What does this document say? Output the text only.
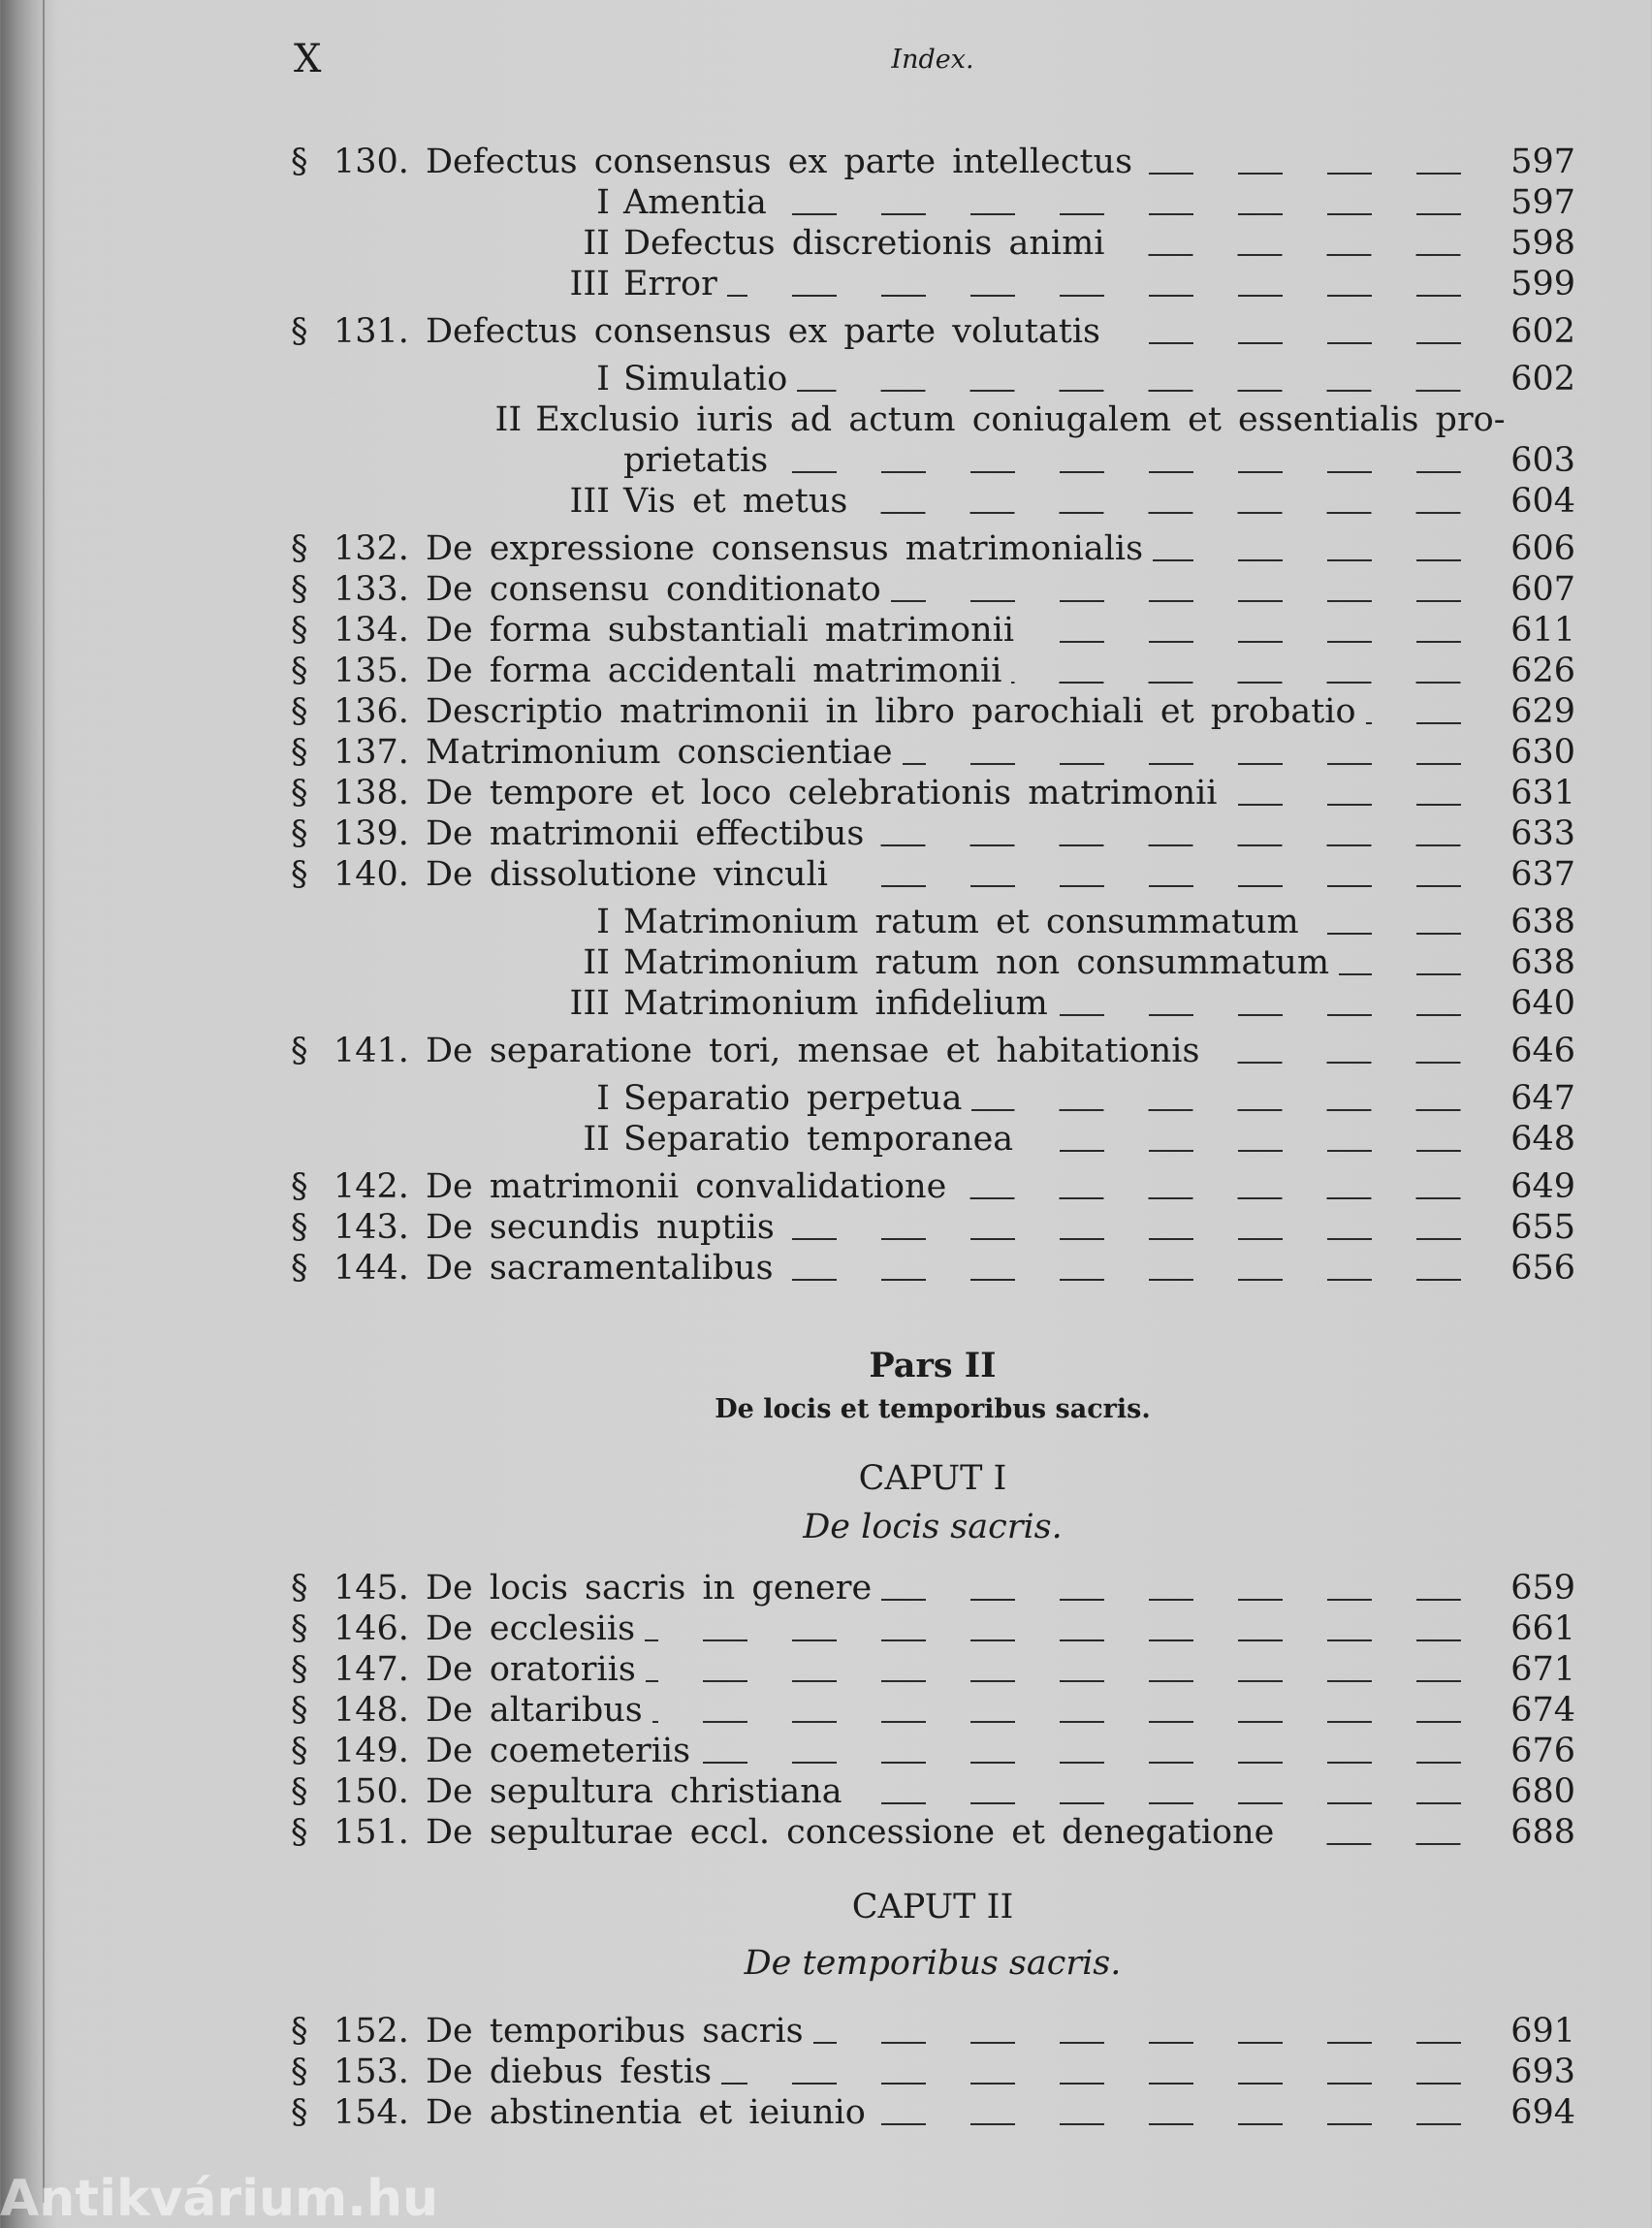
X	Index.
§ 130. Defectus consensus ex parte intellectus	597
I Amentia	597
II Defectus discretionis animi	598
III Error	599
§ 131. Defectus consensus ex parte volutatis	602
I Simulatio	602
II Exclusio iuris ad actum coniugalem et essentialis pro-
prietatis	603
III Vis et metus	604
§ 132. De expressione consensus matrimonialis	606
§ 133. De consensu conditionato	607
§ 134. De forma substantiali matrimonii	611
§ 135. De forma accidentali matrimonii	626
§ 136. Descriptio matrimonii in libro parochiali et probatio	629
§ 137. Matrimonium conscientiae	630
§ 138. De tempore et loco celebrationis matrimonii	631
§ 139. De matrimonii effectibus	633
§ 140. De dissolutione vinculi	637
I Matrimonium ratum et consummatum	638
II Matrimonium ratum non consummatum	638
III Matrimonium infidelium	640
§ 141. De separatione tori, mensae et habitationis	646
I Separatio perpetua	647
II Separatio temporanea	648
§ 142. De matrimonii convalidatione	649
§ 143. De secundis nuptiis	655
§ 144. De sacramentalibus	656
Pars II
De locis et temporibus sacris.
CAPUT I
De locis sacris.
§ 145. De locis sacris in genere	659
§ 146. De ecclesiis	661
§ 147. De oratoriis	671
§ 148. De altaribus	674
§ 149. De coemeteriis	676
§ 150. De sepultura christiana	680
§ 151. De sepulturae eccl. concessione et denegatione	688
CAPUT II
De temporibus sacris.
§ 152. De temporibus sacris	691
§ 153. De diebus festis	693
§ 154. De abstinentia et ieiunio	694
Antikvárium.hu
